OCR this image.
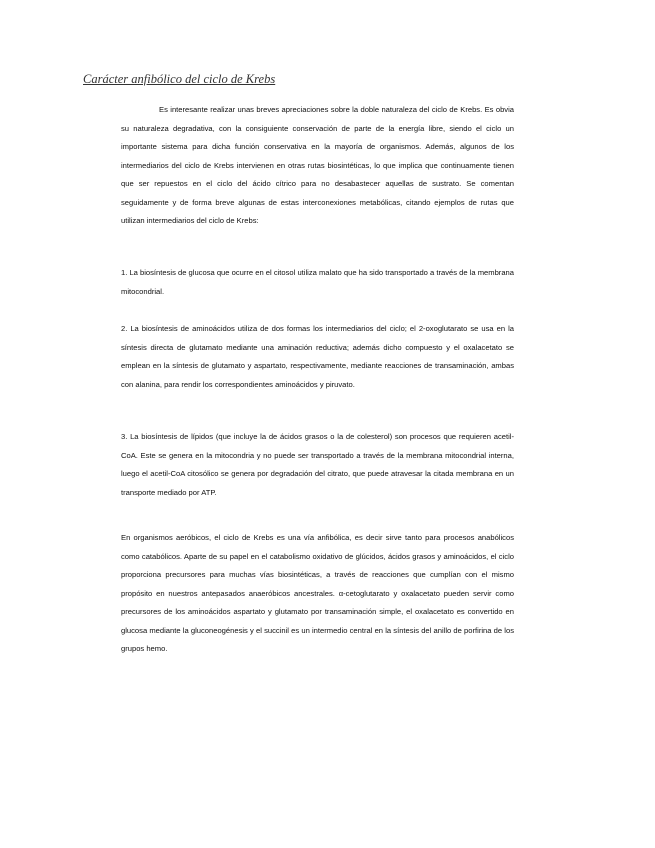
Carácter anfibólico del ciclo de Krebs

Es interesante realizar unas breves apreciaciones sobre la doble naturaleza del ciclo de Krebs. Es obvia su naturaleza degradativa, con la consiguiente conservación de parte de la energía libre, siendo el ciclo un importante sistema para dicha función conservativa en la mayoría de organismos. Además, algunos de los intermediarios del ciclo de Krebs intervienen en otras rutas biosintéticas, lo que implica que continuamente tienen que ser repuestos en el ciclo del ácido cítrico para no desabastecer aquellas de sustrato. Se comentan seguidamente y de forma breve algunas de estas interconexiones metabólicas, citando ejemplos de rutas que utilizan intermediarios del ciclo de Krebs:

1. La biosíntesis de glucosa que ocurre en el citosol utiliza malato que ha sido transportado a través de la membrana mitocondrial.

2. La biosíntesis de aminoácidos utiliza de dos formas los intermediarios del ciclo; el 2-oxoglutarato se usa en la síntesis directa de glutamato mediante una aminación reductiva; además dicho compuesto y el oxalacetato se emplean en la síntesis de glutamato y aspartato, respectivamente, mediante reacciones de transaminación, ambas con alanina, para rendir los correspondientes aminoácidos y piruvato.

3. La biosíntesis de lípidos (que incluye la de ácidos grasos o la de colesterol) son procesos que requieren acetil-CoA. Este se genera en la mitocondria y no puede ser transportado a través de la membrana mitocondrial interna, luego el acetil-CoA citosólico se genera por degradación del citrato, que puede atravesar la citada membrana en un transporte mediado por ATP.

En organismos aeróbicos, el ciclo de Krebs es una vía anfibólica, es decir sirve tanto para procesos anabólicos como catabólicos. Aparte de su papel en el catabolismo oxidativo de glúcidos, ácidos grasos y aminoácidos, el ciclo proporciona precursores para muchas vías biosintéticas, a través de reacciones que cumplían con el mismo propósito en nuestros antepasados anaeróbicos ancestrales. α-cetoglutarato y oxalacetato pueden servir como precursores de los aminoácidos aspartato y glutamato por transaminación simple, el oxalacetato es convertido en glucosa mediante la gluconeogénesis y el succinil es un intermedio central en la síntesis del anillo de porfirina de los grupos hemo.
